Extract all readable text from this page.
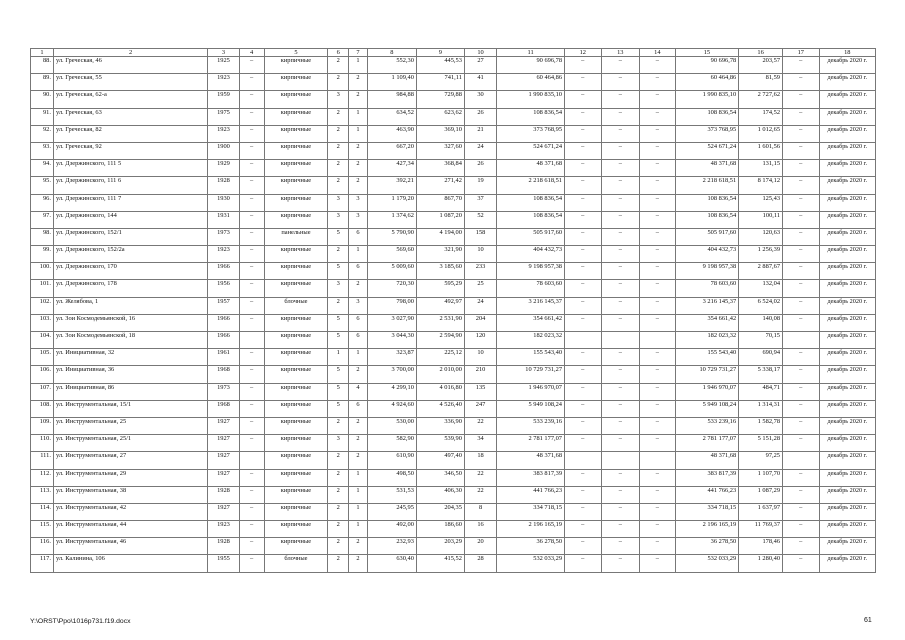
1	2	3	4	5	6	7	8	9	10	11	12	13	14	15	16	17	18
88.	ул. Греческая, 46	1925	–	кирпичные	2	1	552,30	445,53	27	90 696,78	–	–	–	90 696,78	203,57	–	декабрь 2020 г.
89.	ул. Греческая, 55	1923	–	кирпичные	2	2	1 109,40	741,11	41	60 464,86	–	–	–	60 464,86	81,59	–	декабрь 2020 г.
90.	ул. Греческая, 62-а	1959	–	кирпичные	3	2	984,88	729,88	30	1 990 835,10	–	–	–	1 990 835,10	2 727,62	–	декабрь 2020 г.
91.	ул. Греческая, 63	1975	–	кирпичные	2	1	634,52	623,62	26	108 836,54	–	–	–	108 836,54	174,52	–	декабрь 2020 г.
92.	ул. Греческая, 82	1923	–	кирпичные	2	1	463,90	369,10	21	373 768,95	–	–	–	373 768,95	1 012,65	–	декабрь 2020 г.
93.	ул. Греческая, 92	1900	–	кирпичные	2	2	667,20	327,60	24	524 671,24	–	–	–	524 671,24	1 601,56	–	декабрь 2020 г.
94.	ул. Дзержинского, 111 5	1929	–	кирпичные	2	2	427,34	368,84	26	48 371,68	–	–	–	48 371,68	131,15	–	декабрь 2020 г.
95.	ул. Дзержинского, 111 6	1928	–	кирпичные	2	2	392,21	271,42	19	2 218 618,51	–	–	–	2 218 618,51	8 174,12	–	декабрь 2020 г.
96.	ул. Дзержинского, 111 7	1930	–	кирпичные	3	3	1 179,20	867,70	37	108 836,54	–	–	–	108 836,54	125,43	–	декабрь 2020 г.
97.	ул. Дзержинского, 144	1931	–	кирпичные	3	3	1 374,62	1 087,20	52	108 836,54	–	–	–	108 836,54	100,11	–	декабрь 2020 г.
98.	ул. Дзержинского, 152/1	1973	–	панельные	5	6	5 790,90	4 194,00	158	505 917,60	–	–	–	505 917,60	120,63	–	декабрь 2020 г.
99.	ул. Дзержинского, 152/2а	1923	–	кирпичные	2	1	569,60	321,90	10	404 432,73	–	–	–	404 432,73	1 256,39	–	декабрь 2020 г.
100.	ул. Дзержинского, 170	1966	–	кирпичные	5	6	5 009,60	3 185,60	233	9 198 957,38	–	–	–	9 198 957,38	2 887,67	–	декабрь 2020 г.
101.	ул. Дзержинского, 178	1956	–	кирпичные	3	2	720,30	595,29	25	78 603,60	–	–	–	78 603,60	132,04	–	декабрь 2020 г.
102.	ул. Желябова, 1	1957	–	блочные	2	3	798,00	492,97	24	3 216 145,37	–	–	–	3 216 145,37	6 524,02	–	декабрь 2020 г.
103.	ул. Зои Космодемьянской, 16	1966	–	кирпичные	5	6	3 027,90	2 531,90	204	354 661,42	–	–	–	354 661,42	140,08	–	декабрь 2020 г.
104.	ул. Зои Космодемьянской, 18	1966		кирпичные	5	6	3 044,30	2 594,90	120	182 023,32				182 023,32	70,15		декабрь 2020 г.
105.	ул. Инициативная, 32	1961	–	кирпичные	1	1	323,87	225,12	10	155 543,40	–	–	–	155 543,40	690,94	–	декабрь 2020 г.
106.	ул. Инициативная, 36	1968	–	кирпичные	5	2	3 700,00	2 010,00	210	10 729 731,27	–	–	–	10 729 731,27	5 338,17	–	декабрь 2020 г.
107.	ул. Инициативная, 86	1973	–	кирпичные	5	4	4 299,10	4 016,80	135	1 946 970,07	–	–	–	1 946 970,07	484,71	–	декабрь 2020 г.
108.	ул. Инструментальная, 15/1	1968	–	кирпичные	5	6	4 924,60	4 526,40	247	5 949 108,24	–	–	–	5 949 108,24	1 314,31	–	декабрь 2020 г.
109.	ул. Инструментальная, 25	1927	–	кирпичные	2	2	530,00	336,90	22	533 239,16	–	–	–	533 239,16	1 582,78	–	декабрь 2020 г.
110.	ул. Инструментальная, 25/1	1927	–	кирпичные	3	2	582,90	539,90	34	2 781 177,07	–	–	–	2 781 177,07	5 151,28	–	декабрь 2020 г.
111.	ул. Инструментальная, 27	1927		кирпичные	2	2	610,90	497,40	18	48 371,68				48 371,68	97,25		декабрь 2020 г.
112.	ул. Инструментальная, 29	1927	–	кирпичные	2	1	498,50	346,50	22	383 817,39	–	–	–	383 817,39	1 107,70	–	декабрь 2020 г.
113.	ул. Инструментальная, 38	1928	–	кирпичные	2	1	531,53	406,30	22	441 766,23	–	–	–	441 766,23	1 087,29	–	декабрь 2020 г.
114.	ул. Инструментальная, 42	1927	–	кирпичные	2	1	245,95	204,35	8	334 718,15	–	–	–	334 718,15	1 637,97	–	декабрь 2020 г.
115.	ул. Инструментальная, 44	1923	–	кирпичные	2	1	492,00	186,60	16	2 196 165,19	–	–	–	2 196 165,19	11 769,37	–	декабрь 2020 г.
116.	ул. Инструментальная, 46	1928	–	кирпичные	2	2	232,93	203,29	20	36 278,50	–	–	–	36 278,50	178,46	–	декабрь 2020 г.
117.	ул. Калинина, 106	1955	–	блочные	2	2	630,40	415,52	28	532 033,29	–	–	–	532 033,29	1 280,40	–	декабрь 2020 г.
Y:\ORST\Ppo\1016p731.f19.docx	61
